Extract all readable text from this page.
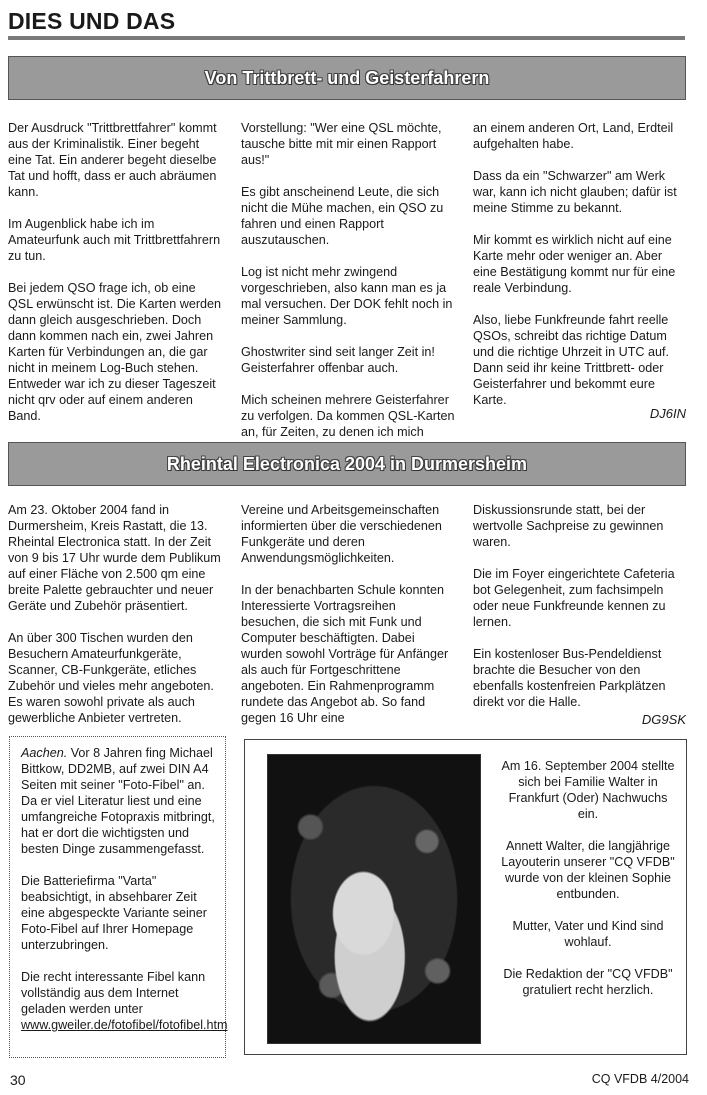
DIES UND DAS
Von Trittbrett- und Geisterfahrern

Der Ausdruck "Trittbrettfahrer" kommt aus der Kriminalistik. Einer begeht eine Tat. Ein anderer begeht dieselbe Tat und hofft, dass er auch abräumen kann.

Im Augenblick habe ich im Amateurfunk auch mit Trittbrettfahrern zu tun.

Bei jedem QSO frage ich, ob eine QSL erwünscht ist. Die Karten werden dann gleich ausgeschrieben. Doch dann kommen nach ein, zwei Jahren Karten für Verbindungen an, die gar nicht in meinem Log-Buch stehen. Entweder war ich zu dieser Tageszeit nicht qrv oder auf einem anderen Band.

Vorstellung: "Wer eine QSL möchte, tausche bitte mit mir einen Rapport aus!"

Es gibt anscheinend Leute, die sich nicht die Mühe machen, ein QSO zu fahren und einen Rapport auszutauschen.

Log ist nicht mehr zwingend vorgeschrieben, also kann man es ja mal versuchen. Der DOK fehlt noch in meiner Sammlung.

Ghostwriter sind seit langer Zeit in! Geisterfahrer offenbar auch.

Mich scheinen mehrere Geisterfahrer zu verfolgen. Da kommen QSL-Karten an, für Zeiten, zu denen ich mich

an einem anderen Ort, Land, Erdteil aufgehalten habe.

Dass da ein "Schwarzer" am Werk war, kann ich nicht glauben; dafür ist meine Stimme zu bekannt.

Mir kommt es wirklich nicht auf eine Karte mehr oder weniger an. Aber eine Bestätigung kommt nur für eine reale Verbindung.

Also, liebe Funkfreunde fahrt reelle QSOs, schreibt das richtige Datum und die richtige Uhrzeit in UTC auf. Dann seid ihr keine Trittbrett- oder Geisterfahrer und bekommt eure Karte.

DJ6IN
Rheintal Electronica 2004 in Durmersheim

Am 23. Oktober 2004 fand in Durmersheim, Kreis Rastatt, die 13. Rheintal Electronica statt. In der Zeit von 9 bis 17 Uhr wurde dem Publikum auf einer Fläche von 2.500 qm eine breite Palette gebrauchter und neuer Geräte und Zubehör präsentiert.

An über 300 Tischen wurden den Besuchern Amateurfunkgeräte, Scanner, CB-Funkgeräte, etliches Zubehör und vieles mehr angeboten. Es waren sowohl private als auch gewerbliche Anbieter vertreten.

Vereine und Arbeitsgemeinschaften informierten über die verschiedenen Funkgeräte und deren Anwendungsmöglichkeiten.

In der benachbarten Schule konnten Interessierte Vortragsreihen besuchen, die sich mit Funk und Computer beschäftigten. Dabei wurden sowohl Vorträge für Anfänger als auch für Fortgeschrittene angeboten. Ein Rahmenprogramm rundete das Angebot ab. So fand gegen 16 Uhr eine

Diskussionsrunde statt, bei der wertvolle Sachpreise zu gewinnen waren.

Die im Foyer eingerichtete Cafeteria bot Gelegenheit, zum fachsimpeln oder neue Funkfreunde kennen zu lernen.

Ein kostenloser Bus-Pendeldienst brachte die Besucher von den ebenfalls kostenfreien Parkplätzen direkt vor die Halle.

DG9SK

Aachen. Vor 8 Jahren fing Michael Bittkow, DD2MB, auf zwei DIN A4 Seiten mit seiner "Foto-Fibel" an. Da er viel Literatur liest und eine umfangreiche Fotopraxis mitbringt, hat er dort die wichtigsten und besten Dinge zusammengefasst.

Die Batteriefirma "Varta" beabsichtigt, in absehbarer Zeit eine abgespeckte Variante seiner Foto-Fibel auf Ihrer Homepage unterzubringen.

Die recht interessante Fibel kann vollständig aus dem Internet geladen werden unter www.gweiler.de/fotofibel/fotofibel.htm

Am 16. September 2004 stellte sich bei Familie Walter in Frankfurt (Oder) Nachwuchs ein.

Annett Walter, die langjährige Layouterin unserer "CQ VFDB" wurde von der kleinen Sophie entbunden.

Mutter, Vater und Kind sind wohlauf.

Die Redaktion der "CQ VFDB" gratuliert recht herzlich.

30	CQ VFDB 4/2004
